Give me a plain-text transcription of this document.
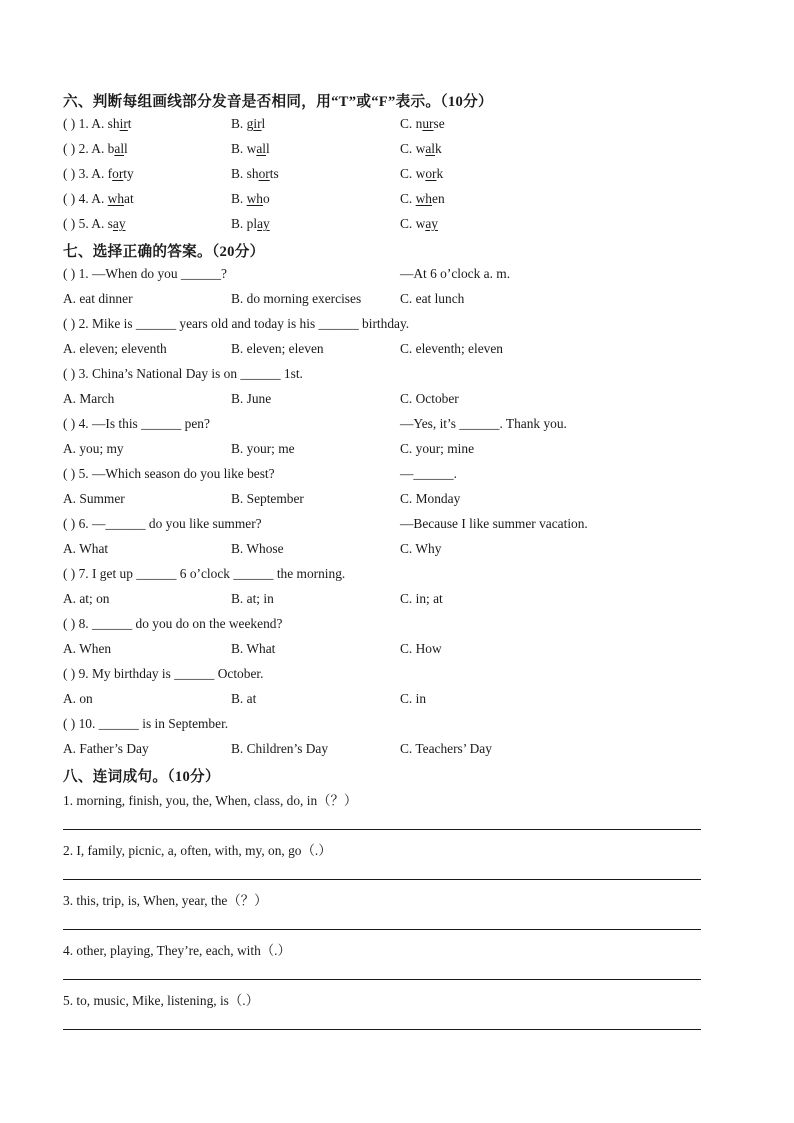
六、判断每组画线部分发音是否相同，用“T”或“F”表示。（10分）
七、选择正确的答案。（20分）
八、连词成句。（10分）
( ) 1. A. shirt	B. girl	C. nurse
( ) 2. A. ball	B. wall	C. walk
( ) 3. A. forty	B. shorts	C. work
( ) 4. A. what	B. who	C. when
( ) 5. A. say	B. play	C. way
( ) 1. —When do you ______?	—At 6 o’clock a. m.
A. eat dinner	B. do morning exercises	C. eat lunch
( ) 2. Mike is ______ years old and today is his ______ birthday.
A. eleven; eleventh	B. eleven; eleven	C. eleventh; eleven
( ) 3. China’s National Day is on ______ 1st.
A. March	B. June	C. October
( ) 4. —Is this ______ pen?	—Yes, it’s ______. Thank you.
A. you; my	B. your; me	C. your; mine
( ) 5. —Which season do you like best?	—______.
A. Summer	B. September	C. Monday
( ) 6. —______ do you like summer?	—Because I like summer vacation.
A. What	B. Whose	C. Why
( ) 7. I get up ______ 6 o’clock ______ the morning.
A. at; on	B. at; in	C. in; at
( ) 8. ______ do you do on the weekend?
A. When	B. What	C. How
( ) 9. My birthday is ______ October.
A. on	B. at	C. in
( ) 10. ______ is in September.
A. Father’s Day	B. Children’s Day	C. Teachers’ Day
1. morning, finish, you, the, When, class, do, in（？）
2. I, family, picnic, a, often, with, my, on, go（.）
3. this, trip, is, When, year, the（？）
4. other, playing, They’re, each, with（.）
5. to, music, Mike, listening, is（.）
